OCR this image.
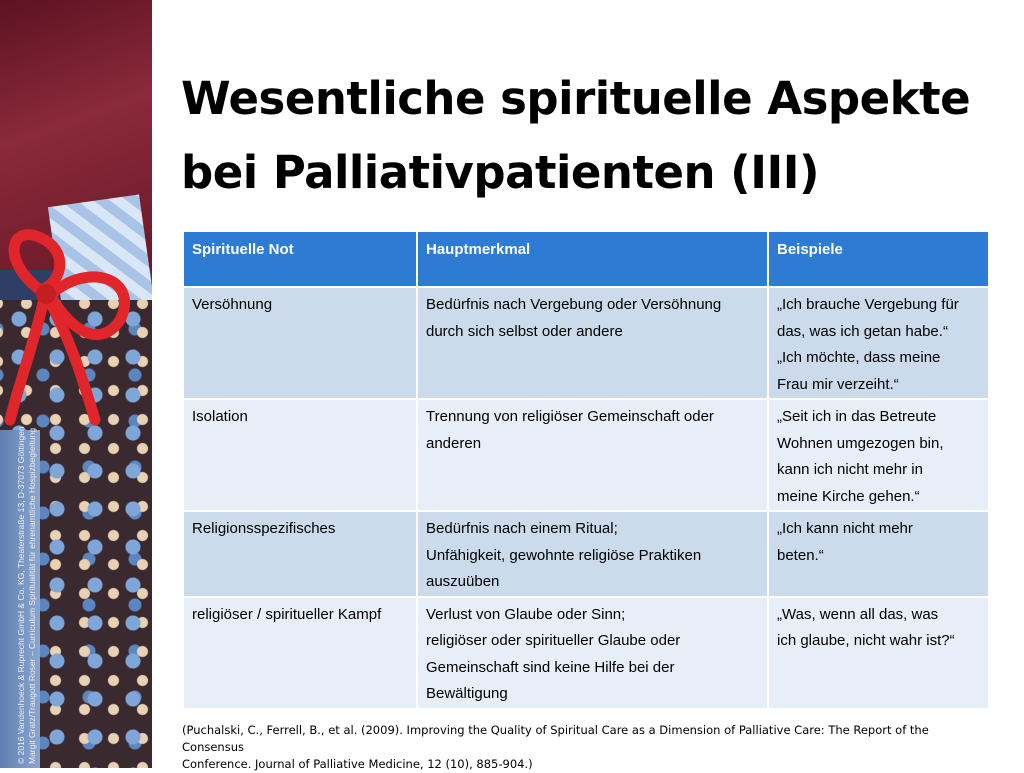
© 2016 Vandenhoeck & Ruprecht GmbH & Co. KG, Theaterstraße 13, D-37073 Göttingen Margit Gratz/Traugott Roser – Curriculum Spiritualität für ehrenamtliche Hospizbegleitung
Wesentliche spirituelle Aspekte
bei Palliativpatienten (III)
Spirituelle Not	Hauptmerkmal	Beispiele

Versöhnung	Bedürfnis nach Vergebung oder Versöhnung
durch sich selbst oder andere	„Ich brauche Vergebung für
das, was ich getan habe.“
„Ich möchte, dass meine
Frau mir verzeiht.“

Isolation	Trennung von religiöser Gemeinschaft oder
anderen	„Seit ich in das Betreute
Wohnen umgezogen bin,
kann ich nicht mehr in
meine Kirche gehen.“

Religionsspezifisches	Bedürfnis nach einem Ritual;
Unfähigkeit, gewohnte religiöse Praktiken
auszuüben	„Ich kann nicht mehr
beten.“

religiöser / spiritueller Kampf	Verlust von Glaube oder Sinn;
religiöser oder spiritueller Glaube oder
Gemeinschaft sind keine Hilfe bei der
Bewältigung	„Was, wenn all das, was
ich glaube, nicht wahr ist?“
(Puchalski, C., Ferrell, B., et al. (2009). Improving the Quality of Spiritual Care as a Dimension of Palliative Care: The Report of the Consensus
Conference. Journal of Palliative Medicine, 12 (10), 885-904.)
